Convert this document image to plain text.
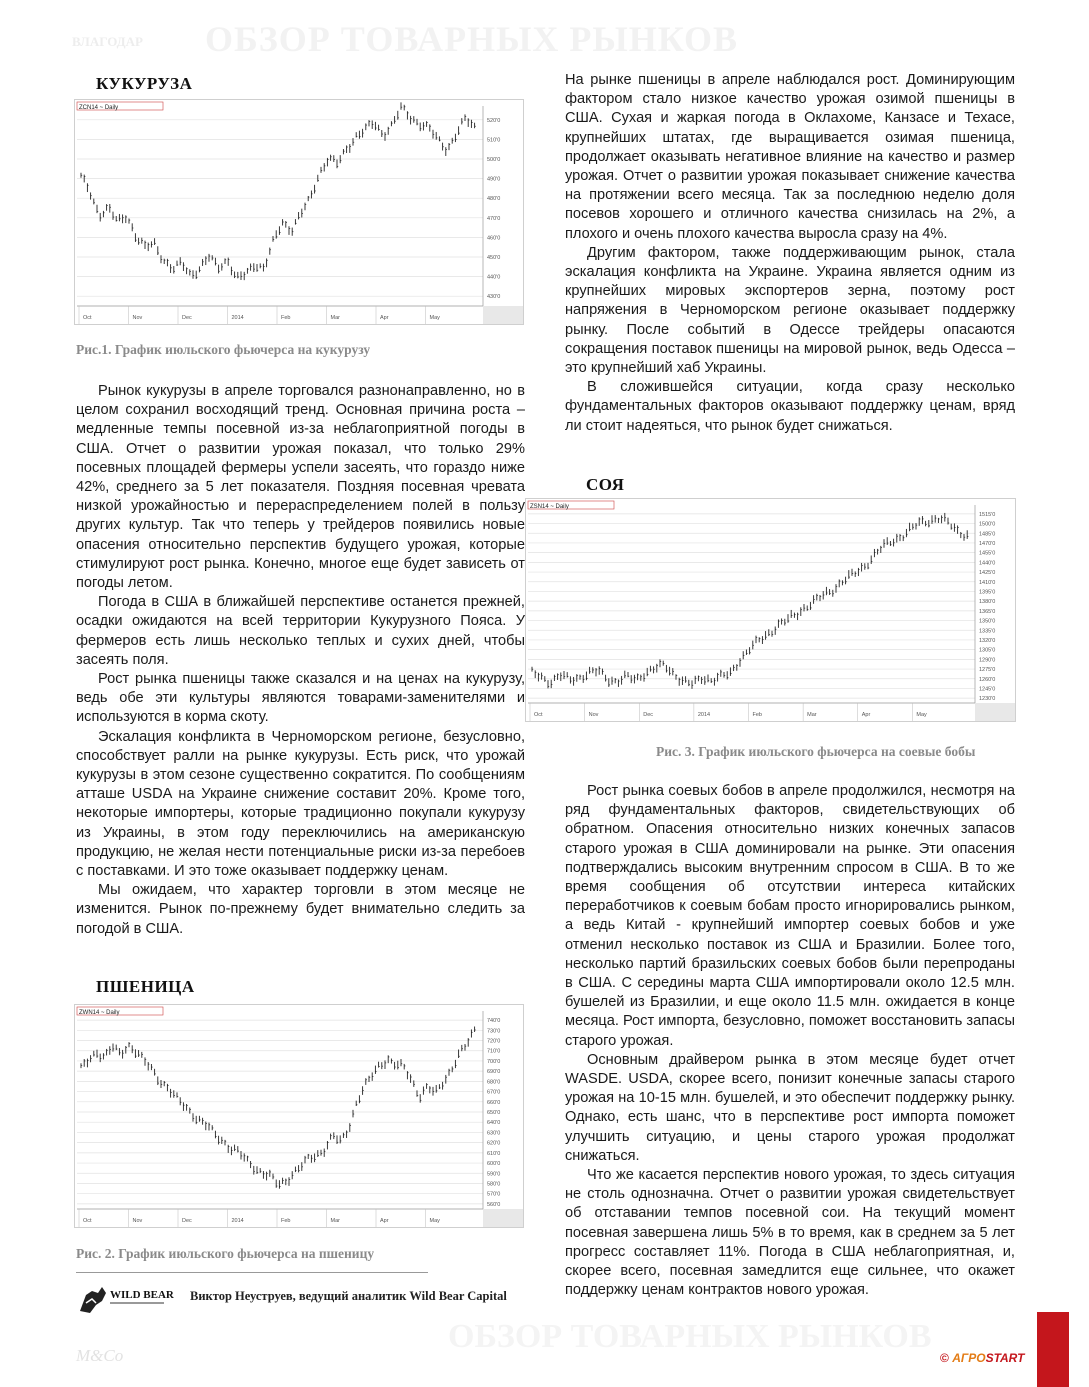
ВЛАГОДАР ОБЗОР ТОВАРНЫХ РЫНКОВ
ОБЗОР ТОВАРНЫХ РЫНКОВ
M&Co
КУКУРУЗА
ZCN14 ~ Daily
520'0
510'0
500'0
490'0
480'0
470'0
460'0
450'0
440'0
430'0
Oct	Nov	Dec	2014	Feb	Mar	Apr	May
Рис.1. График июльского фьючерса на кукурузу

Рынок кукурузы в апреле торговался разнонаправленно, но в целом сохранил восходящий тренд. Основная причина роста – медленные темпы посевной из-за неблагоприятной погоды в США. Отчет о развитии урожая показал, что только 29% посевных площадей фермеры успели засеять, что гораздо ниже 42%, среднего за 5 лет показателя. Поздняя посевная чревата низкой урожайностью и перераспределением полей в пользу других культур. Так что теперь у трейдеров появились новые опасения относительно перспектив будущего урожая, которые стимулируют рост рынка. Конечно, многое еще будет зависеть от погоды летом.

Погода в США в ближайшей перспективе останется прежней, осадки ожидаются на всей территории Кукурузного Пояса. У фермеров есть лишь несколько теплых и сухих дней, чтобы засеять поля.

Рост рынка пшеницы также сказался и на ценах на кукурузу, ведь обе эти культуры являются товарами-заменителями и используются в корма скоту.

Эскалация конфликта в Черноморском регионе, безусловно, способствует ралли на рынке кукурузы. Есть риск, что урожай кукурузы в этом сезоне существенно сократится. По сообщениям атташе USDA на Украине снижение составит 20%. Кроме того, некоторые импортеры, которые традиционно покупали кукурузу из Украины, в этом году переключились на американскую продукцию, не желая нести потенциальные риски из-за перебоев с поставками. И это тоже оказывает поддержку ценам.

Мы ожидаем, что характер торговли в этом месяце не изменится. Рынок по-прежнему будет внимательно следить за погодой в США.

ПШЕНИЦА
ZWN14 ~ Daily
740'0
730'0
720'0
710'0
700'0
690'0
680'0
670'0
660'0
650'0
640'0
630'0
620'0
610'0
600'0
590'0
580'0
570'0
560'0
Oct	Nov	Dec	2014	Feb	Mar	Apr	May
Рис. 2. График июльского фьючерса на пшеницу
WILD BEAR Виктор Неуструев, ведущий аналитик Wild Bear Capital

На рынке пшеницы в апреле наблюдался рост. Доминирующим фактором стало низкое качество урожая озимой пшеницы в США. Сухая и жаркая погода в Оклахоме, Канзасе и Техасе, крупнейших штатах, где выращивается озимая пшеница, продолжает оказывать негативное влияние на качество и размер урожая. Отчет о развитии урожая показывает снижение качества на протяжении всего месяца. Так за последнюю неделю доля посевов хорошего и отличного качества снизилась на 2%, а плохого и очень плохого качества выросла сразу на 4%.

Другим фактором, также поддерживающим рынок, стала эскалация конфликта на Украине. Украина является одним из крупнейших мировых экспортеров зерна, поэтому рост напряжения в Черноморском регионе оказывает поддержку рынку. После событий в Одессе трейдеры опасаются сокращения поставок пшеницы на мировой рынок, ведь Одесса – это крупнейший хаб Украины.

В сложившейся ситуации, когда сразу несколько фундаментальных факторов оказывают поддержку ценам, вряд ли стоит надеяться, что рынок будет снижаться.

СОЯ
ZSN14 ~ Daily
1515'0
1500'0
1485'0
1470'0
1455'0
1440'0
1425'0
1410'0
1395'0
1380'0
1365'0
1350'0
1335'0
1320'0
1305'0
1290'0
1275'0
1260'0
1245'0
1230'0
Oct	Nov	Dec	2014	Feb	Mar	Apr	May
Рис. 3. График июльского фьючерса на соевые бобы

Рост рынка соевых бобов в апреле продолжился, несмотря на ряд фундаментальных факторов, свидетельствующих об обратном. Опасения относительно низких конечных запасов старого урожая в США доминировали на рынке. Эти опасения подтверждались высоким внутренним спросом в США. В то же время сообщения об отсутствии интереса китайских переработчиков к соевым бобам просто игнорировались рынком, а ведь Китай - крупнейший импортер соевых бобов и уже отменил несколько поставок из США и Бразилии. Более того, несколько партий бразильских соевых бобов были перепроданы в США. С середины марта США импортировали около 12.5 млн. бушелей из Бразилии, и еще около 11.5 млн. ожидается в конце месяца. Рост импорта, безусловно, поможет восстановить запасы старого урожая.

Основным драйвером рынка в этом месяце будет отчет WASDE. USDA, скорее всего, понизит конечные запасы старого урожая на 10-15 млн. бушелей, и это обеспечит поддержку рынку. Однако, есть шанс, что в перспективе рост импорта поможет улучшить ситуацию, и цены старого урожая продолжат снижаться.

Что же касается перспектив нового урожая, то здесь ситуация не столь однозначна. Отчет о развитии урожая свидетельствует об отставании темпов посевной сои. На текущий момент посевная завершена лишь 5% в то время, как в среднем за 5 лет прогресс составляет 11%. Погода в США неблагоприятная, и, скорее всего, посевная замедлится еще сильнее, что окажет поддержку ценам контрактов нового урожая.

© АГРОSTART
